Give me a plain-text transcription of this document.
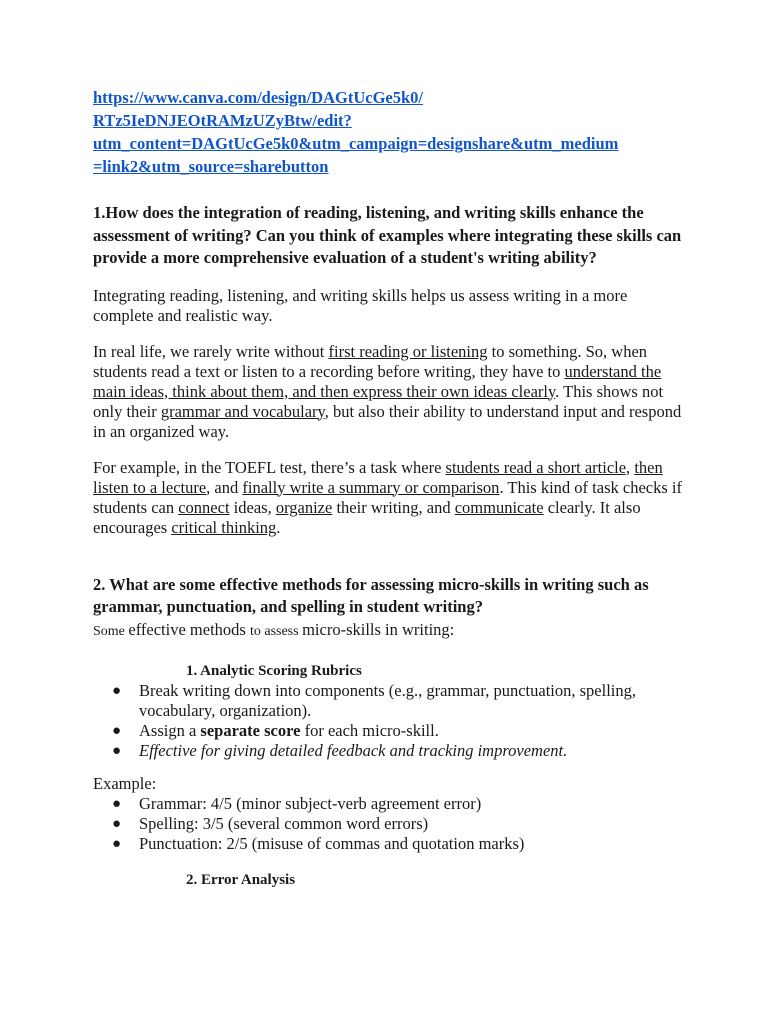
https://www.canva.com/design/DAGtUcGe5k0/
RTz5IeDNJEOtRAMzUZyBtw/edit?
utm_content=DAGtUcGe5k0&utm_campaign=designshare&utm_medium
=link2&utm_source=sharebutton

1.How does the integration of reading, listening, and writing skills enhance the assessment of writing? Can you think of examples where integrating these skills can provide a more comprehensive evaluation of a student's writing ability?

Integrating reading, listening, and writing skills helps us assess writing in a more complete and realistic way.

In real life, we rarely write without first reading or listening to something. So, when students read a text or listen to a recording before writing, they have to understand the main ideas, think about them, and then express their own ideas clearly. This shows not only their grammar and vocabulary, but also their ability to understand input and respond in an organized way.

For example, in the TOEFL test, there’s a task where students read a short article, then listen to a lecture, and finally write a summary or comparison. This kind of task checks if students can connect ideas, organize their writing, and communicate clearly. It also encourages critical thinking.

2. What are some effective methods for assessing micro-skills in writing such as grammar, punctuation, and spelling in student writing?

Some effective methods to assess micro-skills in writing:

1. Analytic Scoring Rubrics

● Break writing down into components (e.g., grammar, punctuation, spelling, vocabulary, organization).
● Assign a separate score for each micro-skill.
● Effective for giving detailed feedback and tracking improvement.

Example:

● Grammar: 4/5 (minor subject-verb agreement error)
● Spelling: 3/5 (several common word errors)
● Punctuation: 2/5 (misuse of commas and quotation marks)

2. Error Analysis
